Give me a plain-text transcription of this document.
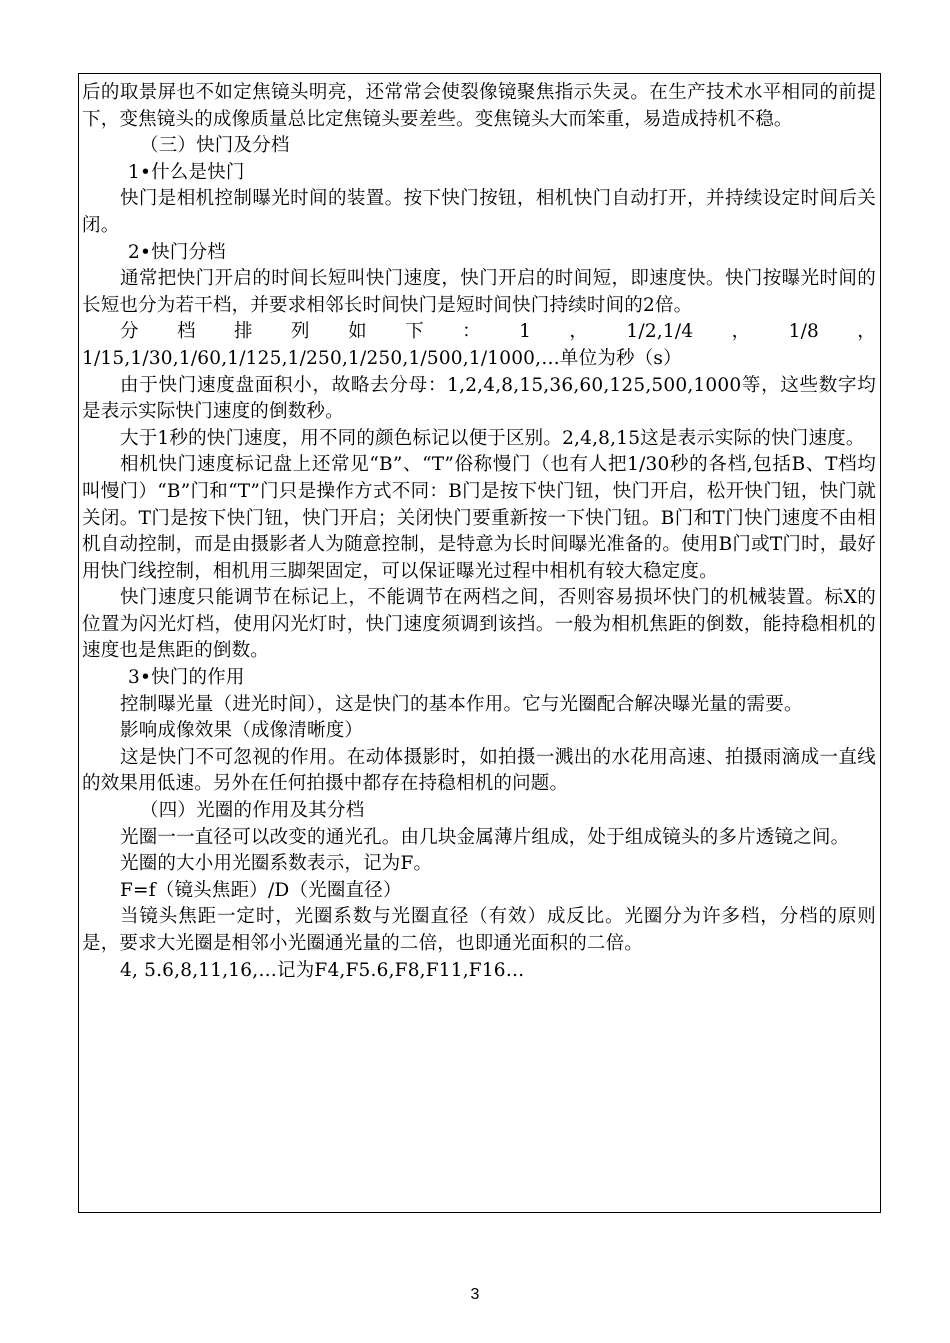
后的取景屏也不如定焦镜头明亮，还常常会使裂像镜聚焦指示失灵。在生产技术水平相同的前提下，变焦镜头的成像质量总比定焦镜头要差些。变焦镜头大而笨重，易造成持机不稳。

（三）快门及分档

1•什么是快门

快门是相机控制曝光时间的装置。按下快门按钮，相机快门自动打开，并持续设定时间后关闭。

2•快门分档

通常把快门开启的时间长短叫快门速度，快门开启的时间短，即速度快。快门按曝光时间的长短也分为若干档，并要求相邻长时间快门是短时间快门持续时间的2倍。

分档排列如下：1，1/2,1/4，1/8，1/15,1/30,1/60,1/125,1/250,1/250,1/500,1/1000,…单位为秒（s）

由于快门速度盘面积小，故略去分母：1,2,4,8,15,36,60,125,500,1000等，这些数字均是表示实际快门速度的倒数秒。

大于1秒的快门速度，用不同的颜色标记以便于区别。2,4,8,15这是表示实际的快门速度。

相机快门速度标记盘上还常见“B”、“T”俗称慢门（也有人把1/30秒的各档,包括B、T档均叫慢门）“B”门和“T”门只是操作方式不同：B门是按下快门钮，快门开启，松开快门钮，快门就关闭。T门是按下快门钮，快门开启；关闭快门要重新按一下快门钮。B门和T门快门速度不由相机自动控制，而是由摄影者人为随意控制，是特意为长时间曝光准备的。使用B门或T门时，最好用快门线控制，相机用三脚架固定，可以保证曝光过程中相机有较大稳定度。

快门速度只能调节在标记上，不能调节在两档之间，否则容易损坏快门的机械装置。标X的位置为闪光灯档，使用闪光灯时，快门速度须调到该挡。一般为相机焦距的倒数，能持稳相机的速度也是焦距的倒数。

3•快门的作用

控制曝光量（进光时间），这是快门的基本作用。它与光圈配合解决曝光量的需要。

影响成像效果（成像清晰度）

这是快门不可忽视的作用。在动体摄影时，如拍摄一溅出的水花用高速、拍摄雨滴成一直线的效果用低速。另外在任何拍摄中都存在持稳相机的问题。

（四）光圈的作用及其分档

光圈一一直径可以改变的通光孔。由几块金属薄片组成，处于组成镜头的多片透镜之间。

光圈的大小用光圈系数表示，记为F。

F=f（镜头焦距）/D（光圈直径）

当镜头焦距一定时，光圈系数与光圈直径（有效）成反比。光圈分为许多档，分档的原则是，要求大光圈是相邻小光圈通光量的二倍，也即通光面积的二倍。

4, 5.6,8,11,16,…记为F4,F5.6,F8,F11,F16…

3
